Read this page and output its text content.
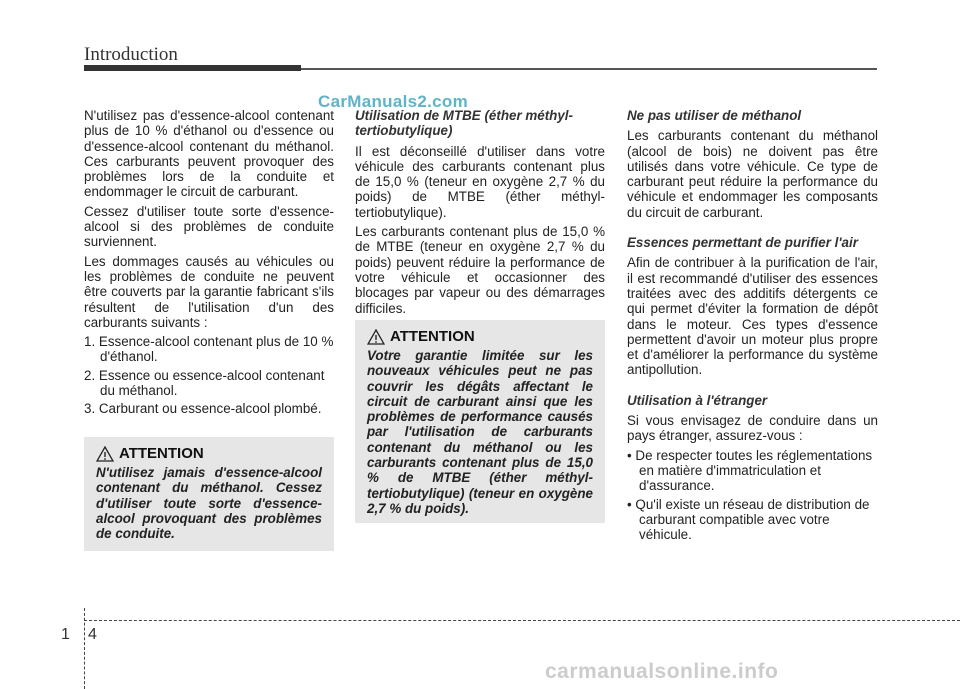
Introduction
CarManuals2.com

N'utilisez pas d'essence-alcool contenant plus de 10 % d'éthanol ou d'essence ou d'essence-alcool contenant du méthanol. Ces carburants peuvent provoquer des problèmes lors de la conduite et endommager le circuit de carburant.

Cessez d'utiliser toute sorte d'essence-alcool si des problèmes de conduite surviennent.

Les dommages causés au véhicules ou les problèmes de conduite ne peuvent être couverts par la garantie fabricant s'ils résultent de l'utilisation d'un des carburants suivants :

1. Essence-alcool contenant plus de 10 % d'éthanol.
2. Essence ou essence-alcool contenant du méthanol.
3. Carburant ou essence-alcool plombé.
ATTENTION

N'utilisez jamais d'essence-alcool contenant du méthanol. Cessez d'utiliser toute sorte d'essence-alcool provoquant des problèmes de conduite.

Utilisation de MTBE (éther méthyl-tertiobutylique)

Il est déconseillé d'utiliser dans votre véhicule des carburants contenant plus de 15,0 % (teneur en oxygène 2,7 % du poids) de MTBE (éther méthyl-tertiobutylique).

Les carburants contenant plus de 15,0 % de MTBE (teneur en oxygène 2,7 % du poids) peuvent réduire la performance de votre véhicule et occasionner des blocages par vapeur ou des démarrages difficiles.

ATTENTION

Votre garantie limitée sur les nouveaux véhicules peut ne pas couvrir les dégâts affectant le circuit de carburant ainsi que les problèmes de performance causés par l'utilisation de carburants contenant du méthanol ou les carburants contenant plus de 15,0 % de MTBE (éther méthyl-tertiobutylique) (teneur en oxygène 2,7 % du poids).

Ne pas utiliser de méthanol

Les carburants contenant du méthanol (alcool de bois) ne doivent pas être utilisés dans votre véhicule. Ce type de carburant peut réduire la performance du véhicule et endommager les composants du circuit de carburant.

Essences permettant de purifier l'air

Afin de contribuer à la purification de l'air, il est recommandé d'utiliser des essences traitées avec des additifs détergents ce qui permet d'éviter la formation de dépôt dans le moteur. Ces types d'essence permettent d'avoir un moteur plus propre et d'améliorer la performance du système antipollution.

Utilisation à l'étranger

Si vous envisagez de conduire dans un pays étranger, assurez-vous :

• De respecter toutes les réglementations en matière d'immatriculation et d'assurance.
• Qu'il existe un réseau de distribution de carburant compatible avec votre véhicule.
1 4
carmanualsonline.info
